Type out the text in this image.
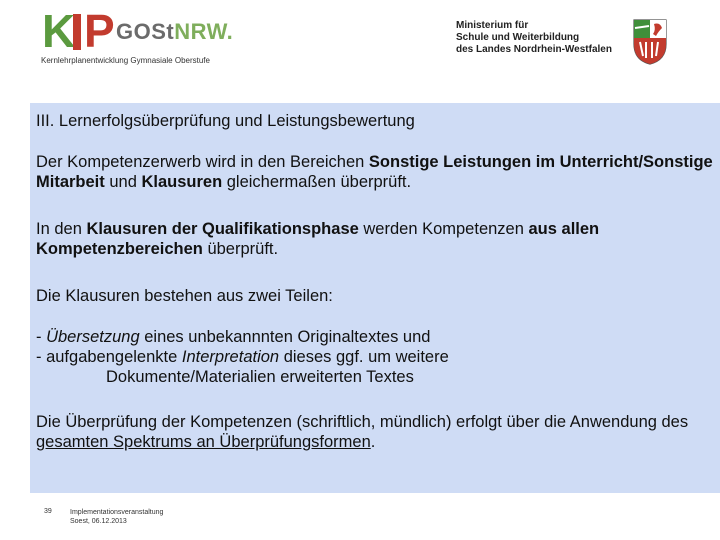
K P GOStNRW.
Kernlehrplanentwicklung Gymnasiale Oberstufe
Ministerium für
Schule und Weiterbildung
des Landes Nordrhein-Westfalen
III. Lernerfolgsüberprüfung und Leistungsbewertung
Der Kompetenzerwerb wird in den Bereichen Sonstige Leistungen im Unterricht/Sonstige Mitarbeit und Klausuren gleichermaßen überprüft.
In den Klausuren der Qualifikationsphase werden Kompetenzen aus allen Kompetenzbereichen überprüft.
Die Klausuren bestehen aus zwei Teilen:
- Übersetzung eines unbekannnten Originaltextes und
- aufgabengelenkte Interpretation dieses ggf. um weitere
Dokumente/Materialien erweiterten Textes
Die Überprüfung der Kompetenzen (schriftlich, mündlich) erfolgt über die Anwendung des gesamten Spektrums an Überprüfungsformen.
39	Implementationsveranstaltung
Soest, 06.12.2013
